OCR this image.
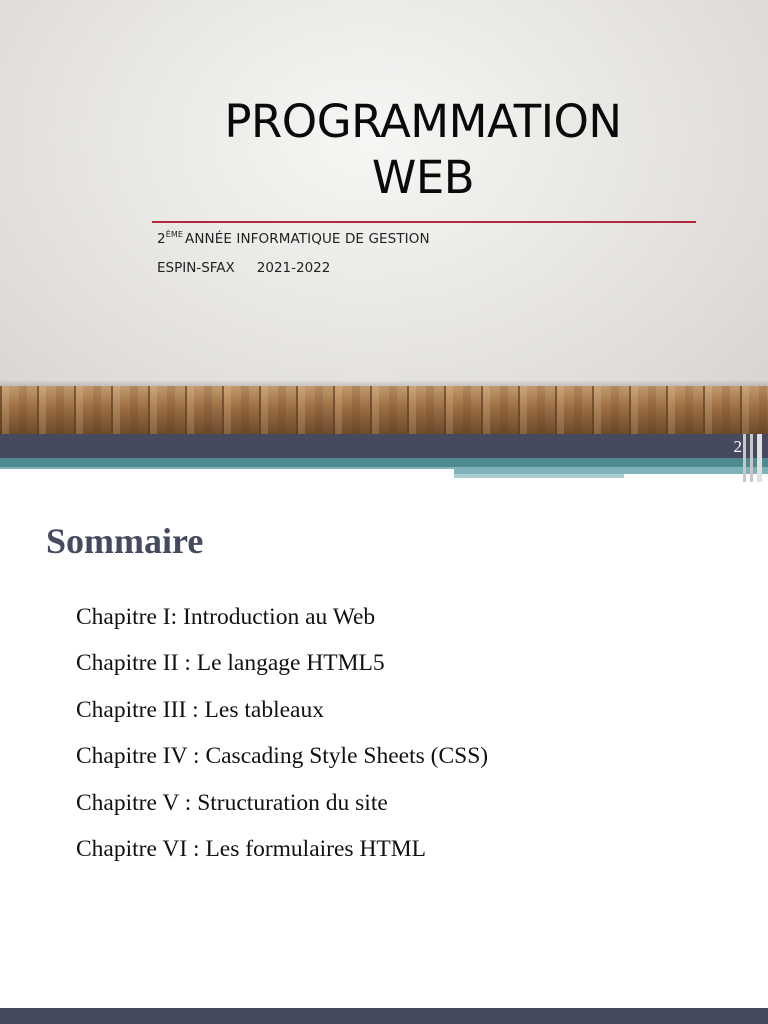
PROGRAMMATION
WEB
2ÈME ANNÉE INFORMATIQUE DE GESTION
ESPIN-SFAX 2021-2022
2
Sommaire
Chapitre I: Introduction au Web
Chapitre II : Le langage HTML5
Chapitre III : Les tableaux
Chapitre IV : Cascading Style Sheets (CSS)
Chapitre V : Structuration du site
Chapitre VI : Les formulaires HTML
